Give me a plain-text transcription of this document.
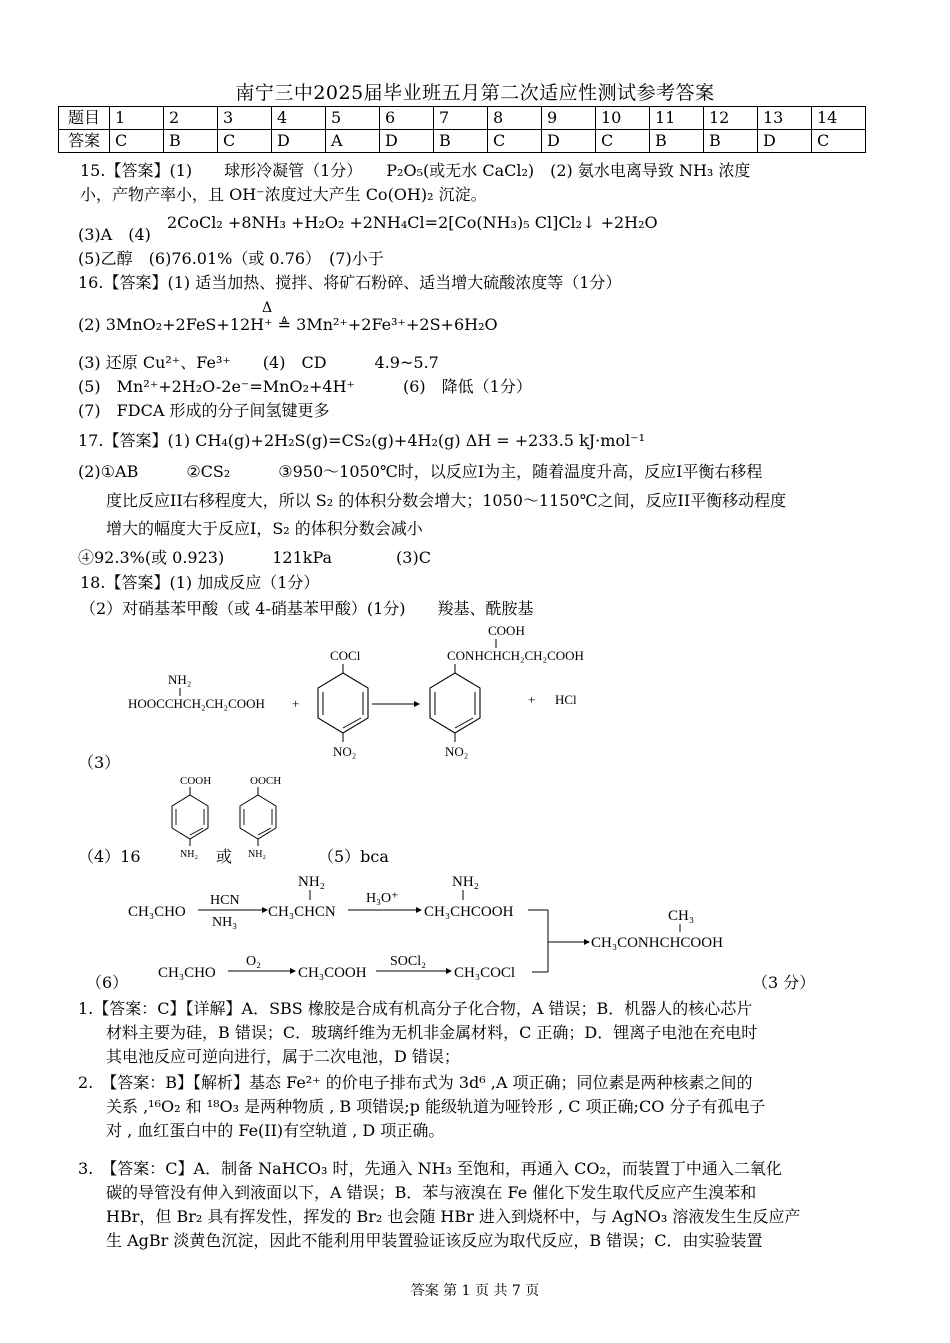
南宁三中2025届毕业班五月第二次适应性测试参考答案
题目	1	2	3	4	5	6	7	8	9	10	11	12	13	14
答案	C	B	C	D	A	D	B	C	D	C	B	B	D	C
15.【答案】(1)　　球形冷凝管（1分）　　P₂O₅(或无水 CaCl₂)　(2) 氨水电离导致 NH₃ 浓度
小，产物产率小，且 OH⁻浓度过大产生 Co(OH)₂ 沉淀。
(3)A　(4)
2CoCl₂ +8NH₃ +H₂O₂ +2NH₄Cl=2[Co(NH₃)₅ Cl]Cl₂↓ +2H₂O
(5)乙醇　(6)76.01%（或 0.76）　(7)小于
16.【答案】(1) 适当加热、搅拌、将矿石粉碎、适当增大硫酸浓度等（1分）
Δ
(2) 3MnO₂+2FeS+12H⁺ ≜ 3Mn²⁺+2Fe³⁺+2S+6H₂O
(3) 还原 Cu²⁺、Fe³⁺　　(4)　CD　　　4.9~5.7
(5)　Mn²⁺+2H₂O-2e⁻=MnO₂+4H⁺　　　(6)　降低（1分）
(7)　FDCA 形成的分子间氢键更多
17.【答案】(1) CH₄(g)+2H₂S(g)=CS₂(g)+4H₂(g) ΔH = +233.5 kJ·mol⁻¹
(2)①AB　　　②CS₂　　　③950～1050℃时，以反应I为主，随着温度升高，反应I平衡右移程
度比反应II右移程度大，所以 S₂ 的体积分数会增大；1050～1150℃之间，反应II平衡移动程度
增大的幅度大于反应I，S₂ 的体积分数会减小
④92.3%(或 0.923)　　　121kPa　　　　(3)C
18.【答案】(1) 加成反应（1分）
（2）对硝基苯甲酸（或 4-硝基苯甲酸）(1分)　　羧基、酰胺基
NH₂
HOOCCHCH₂CH₂COOH +
COCl
NO₂
COOH
CONHCHCH₂CH₂COOH
NO₂
+ HCl
（3）
COOH
NH₂
OOCH
NH₂
（4）16	或	（5）bca
CH₃CHO
HCN
NH₃
NH₂
CH₃CHCN
H₃O⁺
NH₂
CH₃CHCOOH	CH₃
CH₃CONHCHCOOH
CH₃CHO
O₂
CH₃COOH
SOCl₂
CH₃COCl
（6）	（3 分）
1.【答案：C】【详解】A．SBS 橡胶是合成有机高分子化合物，A 错误；B．机器人的核心芯片
材料主要为硅，B 错误；C．玻璃纤维为无机非金属材料，C 正确；D．锂离子电池在充电时
其电池反应可逆向进行，属于二次电池，D 错误；
2.　【答案：B】【解析】基态 Fe²⁺ 的价电子排布式为 3d⁶ ,A 项正确；同位素是两种核素之间的
关系 ,¹⁶O₂ 和 ¹⁸O₃ 是两种物质 , B 项错误;p 能级轨道为哑铃形 , C 项正确;CO 分子有孤电子
对 , 血红蛋白中的 Fe(II)有空轨道 , D 项正确。
3.　【答案：C】A．制备 NaHCO₃ 时，先通入 NH₃ 至饱和，再通入 CO₂，而装置丁中通入二氧化
碳的导管没有伸入到液面以下，A 错误；B．苯与液溴在 Fe 催化下发生取代反应产生溴苯和
HBr，但 Br₂ 具有挥发性，挥发的 Br₂ 也会随 HBr 进入到烧杯中，与 AgNO₃ 溶液发生生反应产
生 AgBr 淡黄色沉淀，因此不能利用甲装置验证该反应为取代反应，B 错误；C．由实验装置
答案 第 1 页 共 7 页
